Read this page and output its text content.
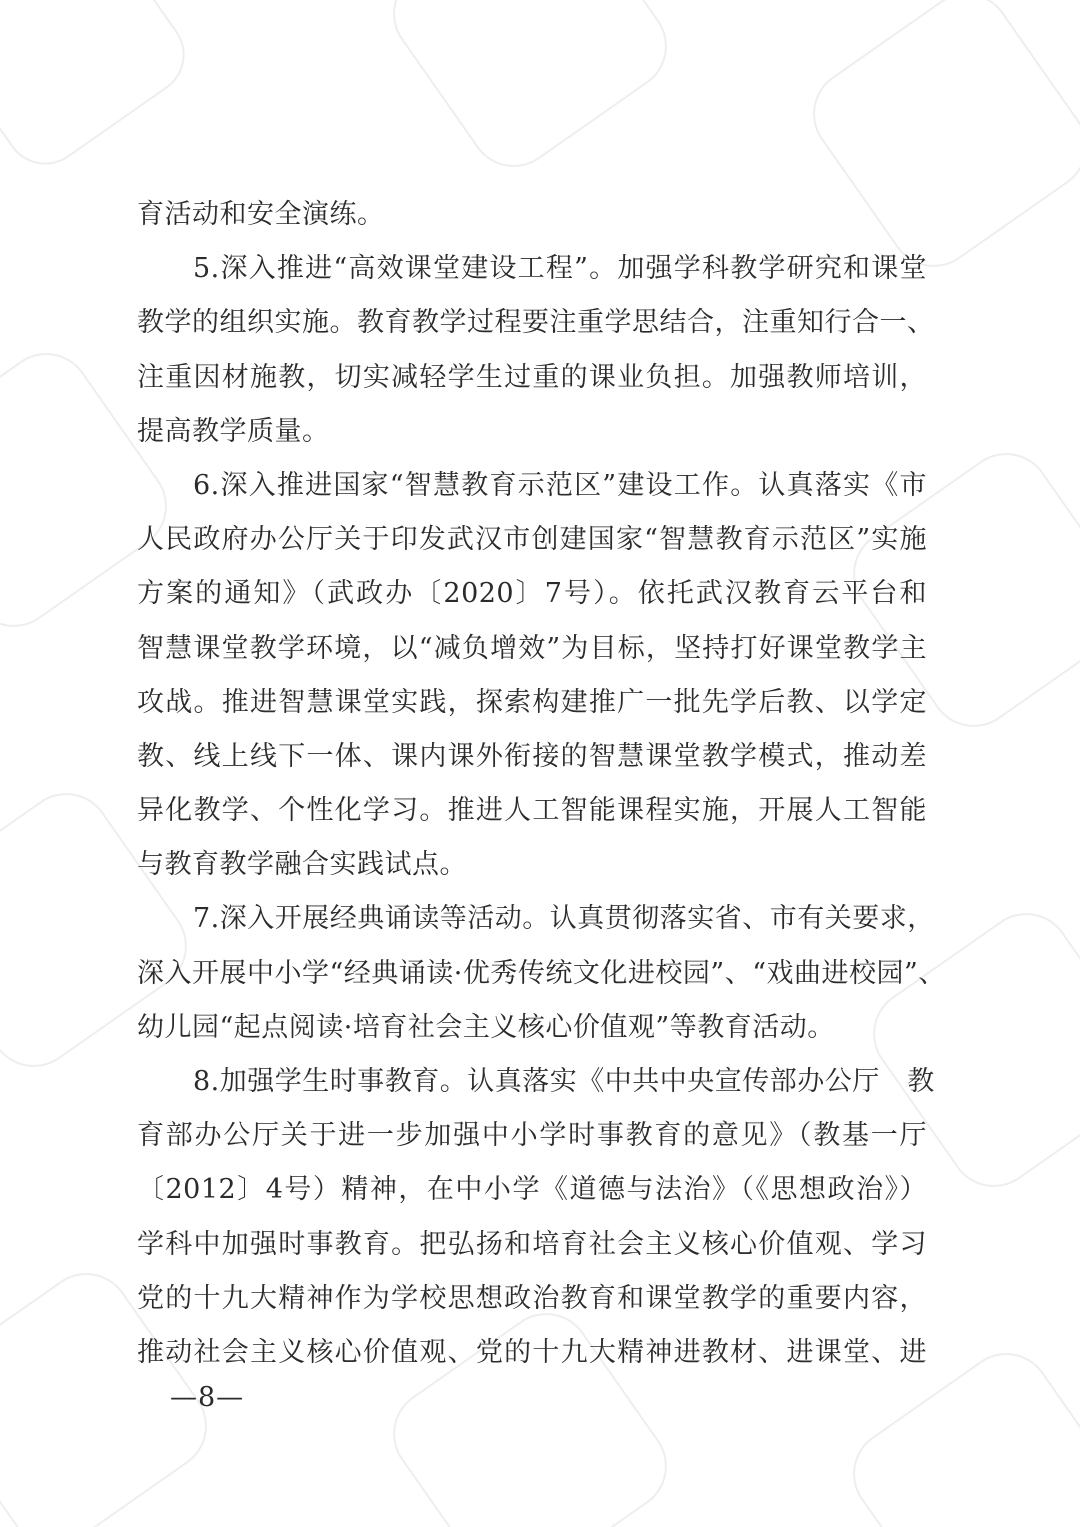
育活动和安全演练。
5.深入推进“高效课堂建设工程”。加强学科教学研究和课堂
教学的组织实施。教育教学过程要注重学思结合，注重知行合一、
注重因材施教，切实减轻学生过重的课业负担。加强教师培训，
提高教学质量。
6.深入推进国家“智慧教育示范区”建设工作。认真落实《市
人民政府办公厅关于印发武汉市创建国家“智慧教育示范区”实施
方案的通知》（武政办〔2020〕7号）。依托武汉教育云平台和
智慧课堂教学环境，以“减负增效”为目标，坚持打好课堂教学主
攻战。推进智慧课堂实践，探索构建推广一批先学后教、以学定
教、线上线下一体、课内课外衔接的智慧课堂教学模式，推动差
异化教学、个性化学习。推进人工智能课程实施，开展人工智能
与教育教学融合实践试点。
7.深入开展经典诵读等活动。认真贯彻落实省、市有关要求，
深入开展中小学“经典诵读·优秀传统文化进校园”、“戏曲进校园”、
幼儿园“起点阅读·培育社会主义核心价值观”等教育活动。
8.加强学生时事教育。认真落实《中共中央宣传部办公厅　教
育部办公厅关于进一步加强中小学时事教育的意见》（教基一厅
〔2012〕4号）精神，在中小学《道德与法治》（《思想政治》）
学科中加强时事教育。把弘扬和培育社会主义核心价值观、学习
党的十九大精神作为学校思想政治教育和课堂教学的重要内容，
推动社会主义核心价值观、党的十九大精神进教材、进课堂、进
—8—
